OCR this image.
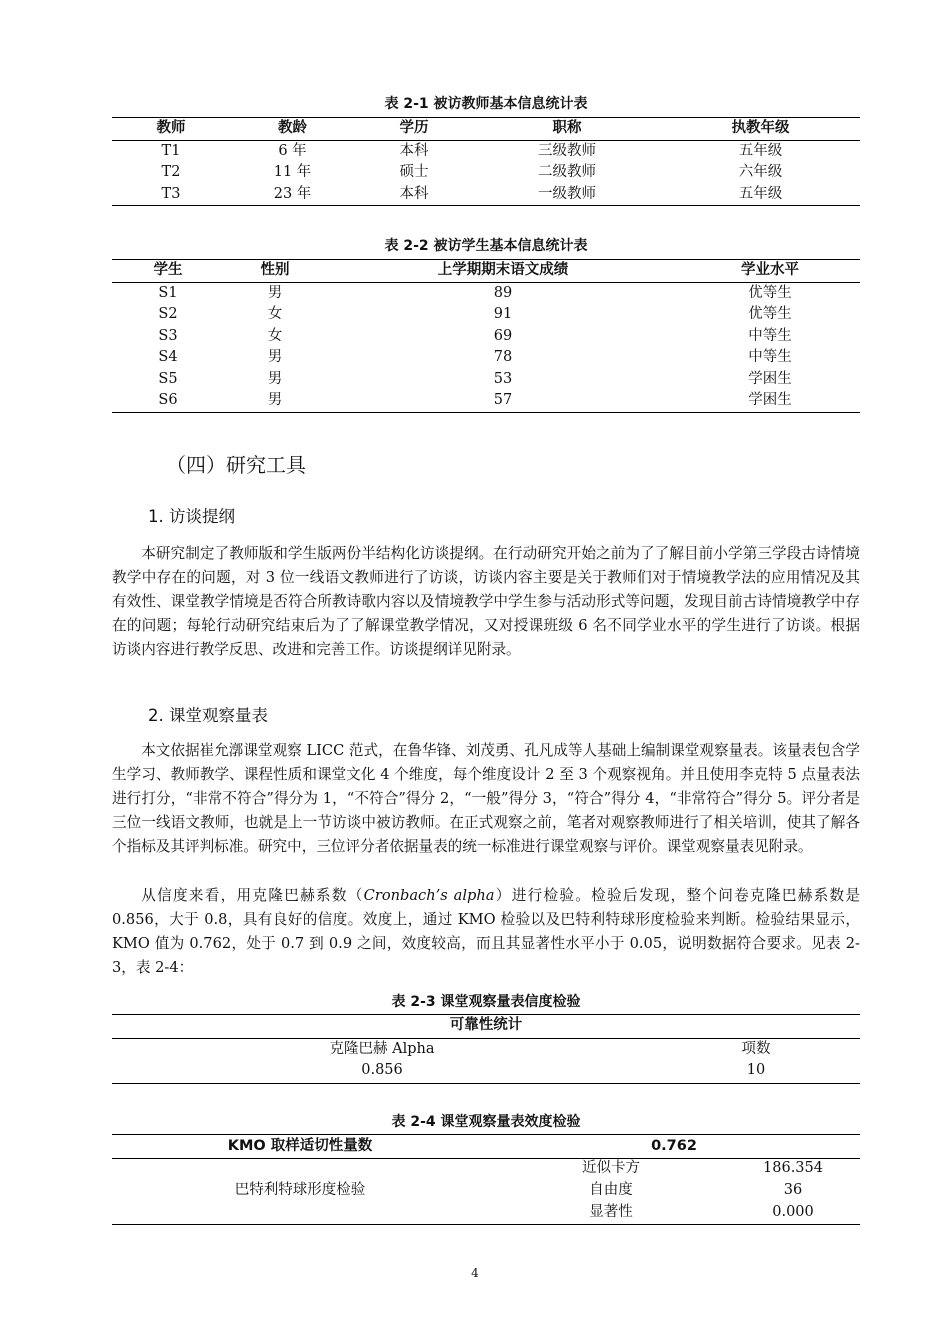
表 2-1 被访教师基本信息统计表
教师	教龄	学历	职称	执教年级
T1	6 年	本科	三级教师	五年级
T2	11 年	硕士	二级教师	六年级
T3	23 年	本科	一级教师	五年级
表 2-2 被访学生基本信息统计表
学生	性别	上学期期末语文成绩	学业水平
S1	男	89	优等生
S2	女	91	优等生
S3	女	69	中等生
S4	男	78	中等生
S5	男	53	学困生
S6	男	57	学困生
（四）研究工具
1. 访谈提纲

本研究制定了教师版和学生版两份半结构化访谈提纲。在行动研究开始之前为了了解目前小学第三学段古诗情境教学中存在的问题，对 3 位一线语文教师进行了访谈，访谈内容主要是关于教师们对于情境教学法的应用情况及其有效性、课堂教学情境是否符合所教诗歌内容以及情境教学中学生参与活动形式等问题，发现目前古诗情境教学中存在的问题；每轮行动研究结束后为了了解课堂教学情况，又对授课班级 6 名不同学业水平的学生进行了访谈。根据访谈内容进行教学反思、改进和完善工作。访谈提纲详见附录。

2. 课堂观察量表

本文依据崔允漷课堂观察 LICC 范式，在鲁华锋、刘茂勇、孔凡成等人基础上编制课堂观察量表。该量表包含学生学习、教师教学、课程性质和课堂文化 4 个维度，每个维度设计 2 至 3 个观察视角。并且使用李克特 5 点量表法进行打分，“非常不符合”得分为 1，“不符合”得分 2，“一般”得分 3，“符合”得分 4，“非常符合”得分 5。评分者是三位一线语文教师，也就是上一节访谈中被访教师。在正式观察之前，笔者对观察教师进行了相关培训，使其了解各个指标及其评判标准。研究中，三位评分者依据量表的统一标准进行课堂观察与评价。课堂观察量表见附录。

从信度来看，用克隆巴赫系数（Cronbach’s alpha）进行检验。检验后发现，整个问卷克隆巴赫系数是 0.856，大于 0.8，具有良好的信度。效度上，通过 KMO 检验以及巴特利特球形度检验来判断。检验结果显示，KMO 值为 0.762，处于 0.7 到 0.9 之间，效度较高，而且其显著性水平小于 0.05，说明数据符合要求。见表 2-3，表 2-4：

表 2-3 课堂观察量表信度检验
可靠性统计
克隆巴赫 Alpha	项数
0.856	10
表 2-4 课堂观察量表效度检验
KMO 取样适切性量数	0.762
巴特利特球形度检验
近似卡方	186.354
自由度	36
显著性	0.000
4
